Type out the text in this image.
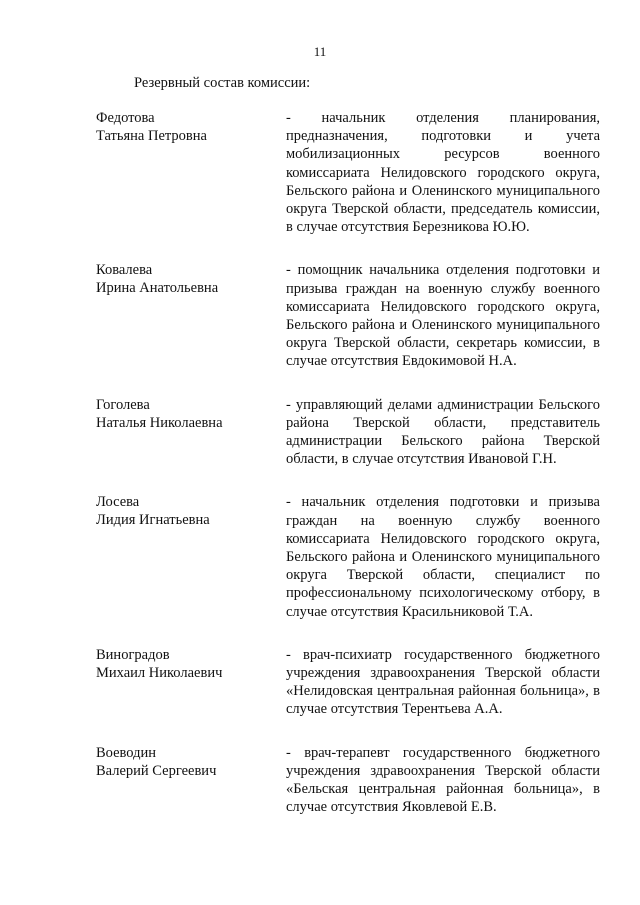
11
Резервный состав комиссии:
Федотова
Татьяна Петровна
- начальник отделения планирования, предназначения, подготовки и учета мобилизационных ресурсов военного комиссариата Нелидовского городского округа, Бельского района и Оленинского муниципального округа Тверской области, председатель комиссии, в случае отсутствия Березникова Ю.Ю.
Ковалева
Ирина Анатольевна
- помощник начальника отделения подготовки и призыва граждан на военную службу военного комиссариата Нелидовского городского округа, Бельского района и Оленинского муниципального округа Тверской области, секретарь комиссии, в случае отсутствия Евдокимовой Н.А.
Гоголева
Наталья Николаевна
- управляющий делами администрации Бельского района Тверской области, представитель администрации Бельского района Тверской области, в случае отсутствия Ивановой Г.Н.
Лосева
Лидия Игнатьевна
- начальник отделения подготовки и призыва граждан на военную службу военного комиссариата Нелидовского городского округа, Бельского района и Оленинского муниципального округа Тверской области, специалист по профессиональному психологическому отбору, в случае отсутствия Красильниковой Т.А.
Виноградов
Михаил Николаевич
- врач-психиатр государственного бюджетного учреждения здравоохранения Тверской области «Нелидовская центральная районная больница», в случае отсутствия Терентьева А.А.
Воеводин
Валерий Сергеевич
- врач-терапевт государственного бюджетного учреждения здравоохранения Тверской области «Бельская центральная районная больница», в случае отсутствия Яковлевой Е.В.
